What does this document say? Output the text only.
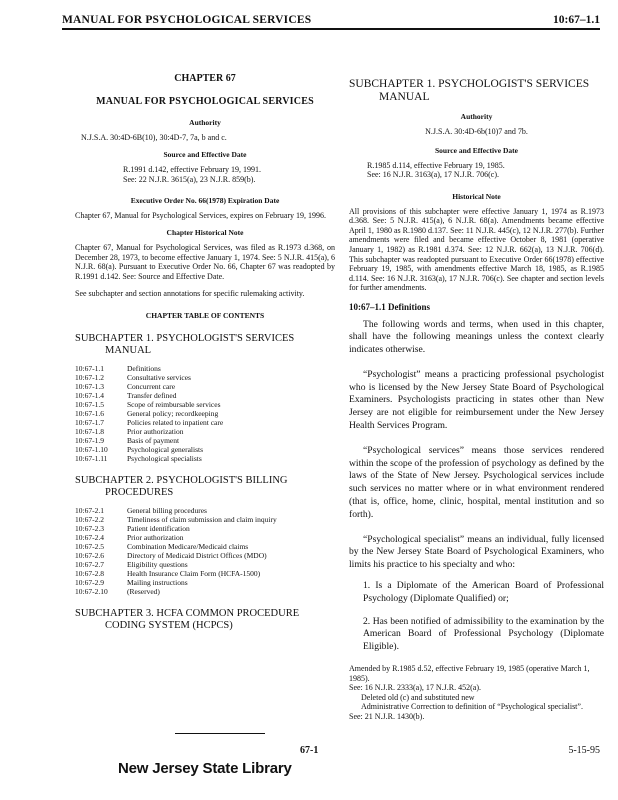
MANUAL FOR PSYCHOLOGICAL SERVICES	10:67–1.1
CHAPTER 67
MANUAL FOR PSYCHOLOGICAL SERVICES
Authority

N.J.S.A. 30:4D-6B(10), 30:4D-7, 7a, b and c.

Source and Effective Date
R.1991 d.142, effective February 19, 1991.
See: 22 N.J.R. 3615(a), 23 N.J.R. 859(b).
Executive Order No. 66(1978) Expiration Date

Chapter 67, Manual for Psychological Services, expires on February 19, 1996.

Chapter Historical Note

Chapter 67, Manual for Psychological Services, was filed as R.1973 d.368, on December 28, 1973, to become effective January 1, 1974. See: 5 N.J.R. 415(a), 6 N.J.R. 68(a). Pursuant to Executive Order No. 66, Chapter 67 was readopted by R.1991 d.142. See: Source and Effective Date.

See subchapter and section annotations for specific rulemaking activity.

CHAPTER TABLE OF CONTENTS
SUBCHAPTER 1. PSYCHOLOGIST'S SERVICES
MANUAL
10:67-1.1	Definitions
10:67-1.2	Consultative services
10:67-1.3	Concurrent care
10:67-1.4	Transfer defined
10:67-1.5	Scope of reimbursable services
10:67-1.6	General policy; recordkeeping
10:67-1.7	Policies related to inpatient care
10:67-1.8	Prior authorization
10:67-1.9	Basis of payment
10:67-1.10	Psychological generalists
10:67-1.11	Psychological specialists
SUBCHAPTER 2. PSYCHOLOGIST'S BILLING
PROCEDURES
10:67-2.1	General billing procedures
10:67-2.2	Timeliness of claim submission and claim inquiry
10:67-2.3	Patient identification
10:67-2.4	Prior authorization
10:67-2.5	Combination Medicare/Medicaid claims
10:67-2.6	Directory of Medicaid District Offices (MDO)
10:67-2.7	Eligibility questions
10:67-2.8	Health Insurance Claim Form (HCFA-1500)
10:67-2.9	Mailing instructions
10:67-2.10	(Reserved)
SUBCHAPTER 3. HCFA COMMON PROCEDURE
CODING SYSTEM (HCPCS)
SUBCHAPTER 1. PSYCHOLOGIST'S SERVICES
MANUAL
Authority

N.J.S.A. 30:4D-6b(10)7 and 7b.

Source and Effective Date
R.1985 d.114, effective February 19, 1985.
See: 16 N.J.R. 3163(a), 17 N.J.R. 706(c).
Historical Note

All provisions of this subchapter were effective January 1, 1974 as R.1973 d.368. See: 5 N.J.R. 415(a), 6 N.J.R. 68(a). Amendments became effective April 1, 1980 as R.1980 d.137. See: 11 N.J.R. 445(c), 12 N.J.R. 277(b). Further amendments were filed and became effective October 8, 1981 (operative January 1, 1982) as R.1981 d.374. See: 12 N.J.R. 662(a), 13 N.J.R. 706(d). This subchapter was readopted pursuant to Executive Order 66(1978) effective February 19, 1985, with amendments effective March 18, 1985, as R.1985 d.114. See: 16 N.J.R. 3163(a), 17 N.J.R. 706(c). See chapter and section levels for further amendments.

10:67–1.1 Definitions

The following words and terms, when used in this chapter, shall have the following meanings unless the context clearly indicates otherwise.

“Psychologist” means a practicing professional psychologist who is licensed by the New Jersey State Board of Psychological Examiners. Psychologists practicing in states other than New Jersey are not eligible for reimbursement under the New Jersey Health Services Program.

“Psychological services” means those services rendered within the scope of the profession of psychology as defined by the laws of the State of New Jersey. Psychological services include such services no matter where or in what environment rendered (that is, office, home, clinic, hospital, mental institution and so forth).

“Psychological specialist” means an individual, fully licensed by the New Jersey State Board of Psychological Examiners, who limits his practice to his specialty and who:

1. Is a Diplomate of the American Board of Professional Psychology (Diplomate Qualified) or;

2. Has been notified of admissibility to the examination by the American Board of Professional Psychology (Diplomate Eligible).

Amended by R.1985 d.52, effective February 19, 1985 (operative March 1, 1985).

See: 16 N.J.R. 2333(a), 17 N.J.R. 452(a).

Deleted old (c) and substituted new

Administrative Correction to definition of “Psychological specialist”.

See: 21 N.J.R. 1430(b).

67-1	5-15-95
New Jersey State Library
